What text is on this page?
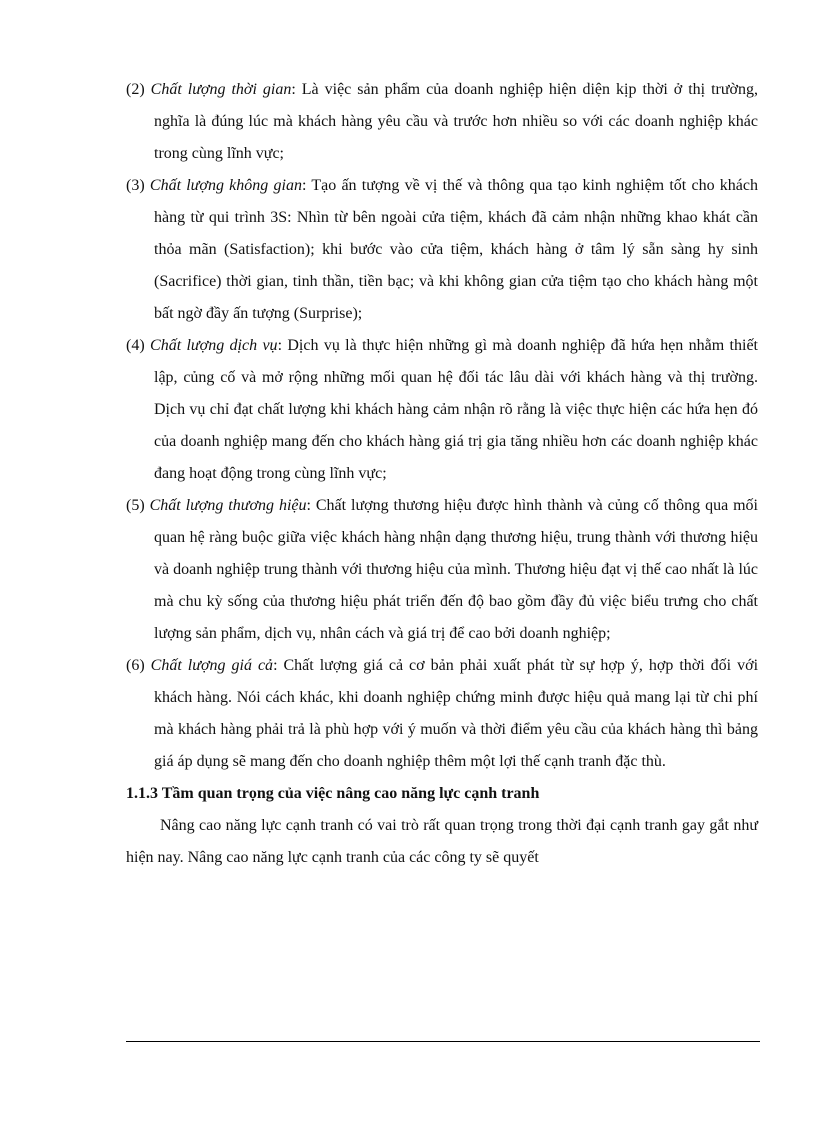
(2) Chất lượng thời gian: Là việc sản phẩm của doanh nghiệp hiện diện kịp thời ở thị trường, nghĩa là đúng lúc mà khách hàng yêu cầu và trước hơn nhiều so với các doanh nghiệp khác trong cùng lĩnh vực;

(3) Chất lượng không gian: Tạo ấn tượng về vị thế và thông qua tạo kinh nghiệm tốt cho khách hàng từ qui trình 3S: Nhìn từ bên ngoài cửa tiệm, khách đã cảm nhận những khao khát cần thỏa mãn (Satisfaction); khi bước vào cửa tiệm, khách hàng ở tâm lý sẵn sàng hy sinh (Sacrifice) thời gian, tinh thần, tiền bạc; và khi không gian cửa tiệm tạo cho khách hàng một bất ngờ đầy ấn tượng (Surprise);

(4) Chất lượng dịch vụ: Dịch vụ là thực hiện những gì mà doanh nghiệp đã hứa hẹn nhằm thiết lập, củng cố và mở rộng những mối quan hệ đối tác lâu dài với khách hàng và thị trường. Dịch vụ chỉ đạt chất lượng khi khách hàng cảm nhận rõ rằng là việc thực hiện các hứa hẹn đó của doanh nghiệp mang đến cho khách hàng giá trị gia tăng nhiều hơn các doanh nghiệp khác đang hoạt động trong cùng lĩnh vực;

(5) Chất lượng thương hiệu: Chất lượng thương hiệu được hình thành và củng cố thông qua mối quan hệ ràng buộc giữa việc khách hàng nhận dạng thương hiệu, trung thành với thương hiệu và doanh nghiệp trung thành với thương hiệu của mình. Thương hiệu đạt vị thế cao nhất là lúc mà chu kỳ sống của thương hiệu phát triển đến độ bao gồm đầy đủ việc biểu trưng cho chất lượng sản phẩm, dịch vụ, nhân cách và giá trị để cao bởi doanh nghiệp;

(6) Chất lượng giá cả: Chất lượng giá cả cơ bản phải xuất phát từ sự hợp ý, hợp thời đối với khách hàng. Nói cách khác, khi doanh nghiệp chứng minh được hiệu quả mang lại từ chi phí mà khách hàng phải trả là phù hợp với ý muốn và thời điểm yêu cầu của khách hàng thì bảng giá áp dụng sẽ mang đến cho doanh nghiệp thêm một lợi thế cạnh tranh đặc thù.

1.1.3 Tầm quan trọng của việc nâng cao năng lực cạnh tranh

Nâng cao năng lực cạnh tranh có vai trò rất quan trọng trong thời đại cạnh tranh gay gắt như hiện nay. Nâng cao năng lực cạnh tranh của các công ty sẽ quyết
